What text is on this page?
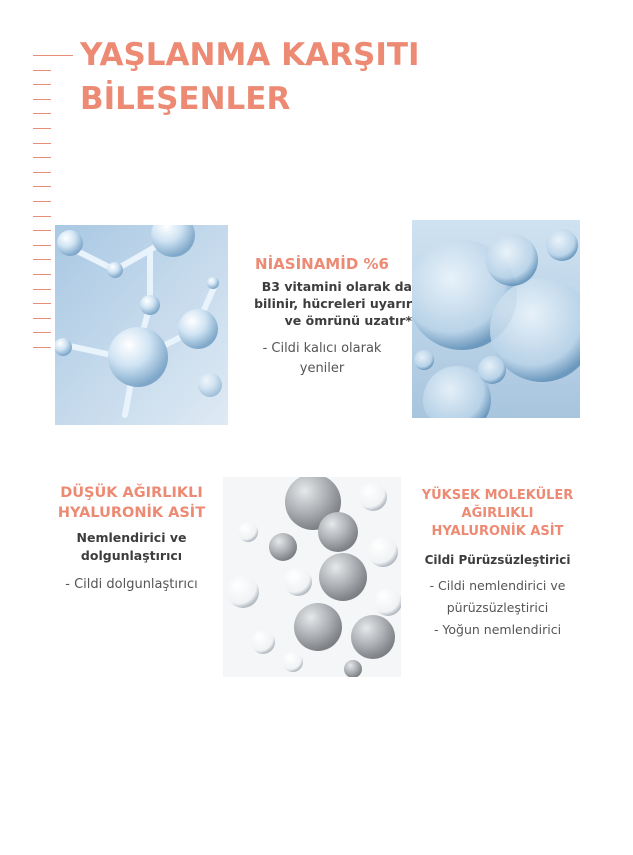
YAŞLANMA KARŞITI
BİLEŞENLER
NİASİNAMİD %6
B3 vitamini olarak da
bilinir, hücreleri uyarır
ve ömrünü uzatır*
- Cildi kalıcı olarak
yeniler
DÜŞÜK AĞIRLIKLI
HYALURONİK ASİT
Nemlendirici ve
dolgunlaştırıcı
- Cildi dolgunlaştırıcı
YÜKSEK MOLEKÜLER
AĞIRLIKLI
HYALURONİK ASİT
Cildi Pürüzsüzleştirici
- Cildi nemlendirici ve
pürüzsüzleştirici
- Yoğun nemlendirici
